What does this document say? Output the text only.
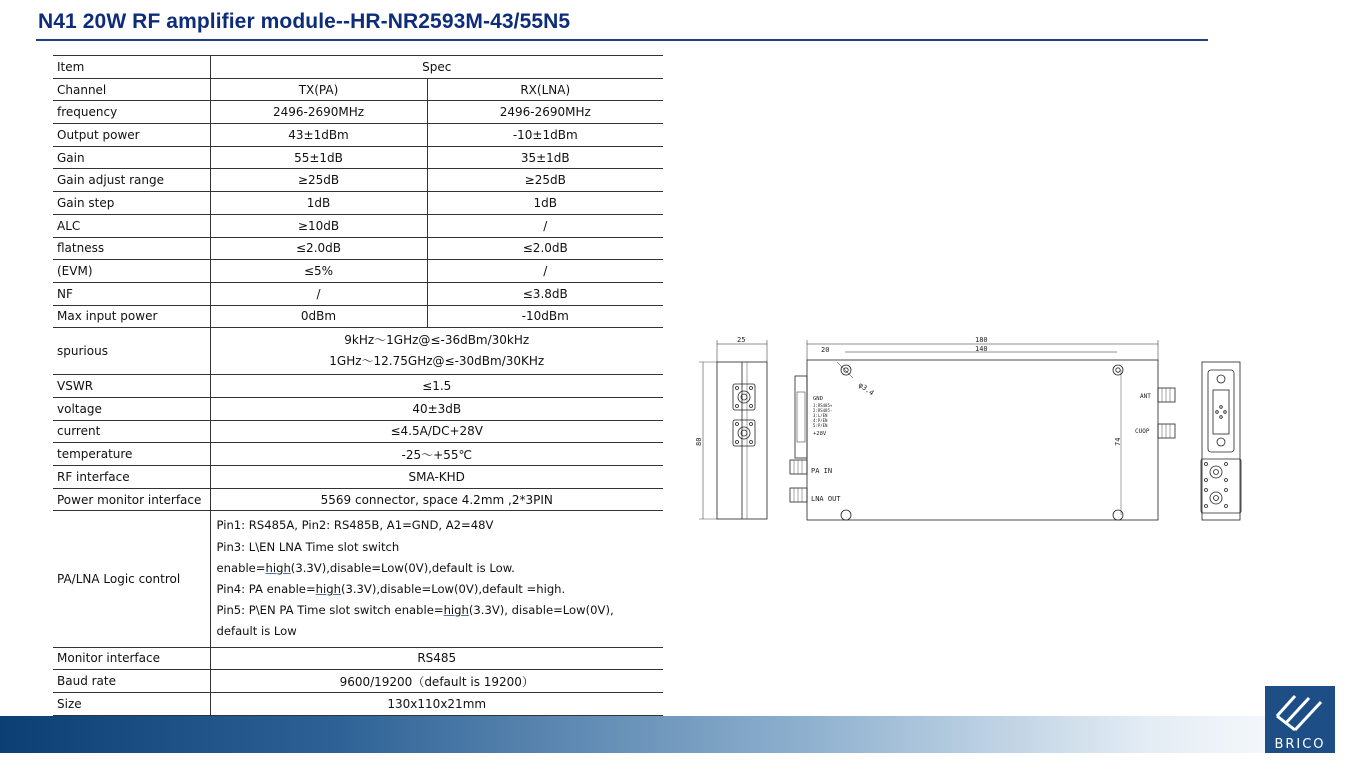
N41 20W RF amplifier module--HR-NR2593M-43/55N5
Item	Spec	
Channel	TX(PA)	RX(LNA)
frequency	2496-2690MHz	2496-2690MHz
Output power	43±1dBm	-10±1dBm
Gain	55±1dB	35±1dB
Gain adjust range	≥25dB	≥25dB
Gain step	1dB	1dB
ALC	≥10dB	/
flatness	≤2.0dB	≤2.0dB
(EVM)	≤5%	/
NF	/	≤3.8dB
Max input power	0dBm	-10dBm
spurious	9kHz～1GHz@≤-36dBm/30kHz
1GHz～12.75GHz@≤-30dBm/30KHz	

VSWR	≤1.5	
voltage	40±3dB	
current	≤4.5A/DC+28V	
temperature	-25～+55℃	
RF interface	SMA-KHD	
Power monitor interface	5569 connector, space 4.2mm ,2*3PIN	
PA/LNA Logic control	Pin1: RS485A, Pin2: RS485B, A1=GND, A2=48V
Pin3: L\EN LNA Time slot switch enable=high(3.3V),disable=Low(0V),default is Low.
Pin4: PA enable=high(3.3V),disable=Low(0V),default =high.
Pin5: P\EN PA Time slot switch enable=high(3.3V), disable=Low(0V), default is Low	

Monitor interface	RS485	
Baud rate	9600/19200（default is 19200）	
Size	130x110x21mm	
25
80
180
140
20
φ3.4
74
GND
1:RS485+
2:RS485-
3:L/EN
4:P/EN
5:P/EN
+28V
PA IN
LNA OUT
ANT
CUOP
BRICO
